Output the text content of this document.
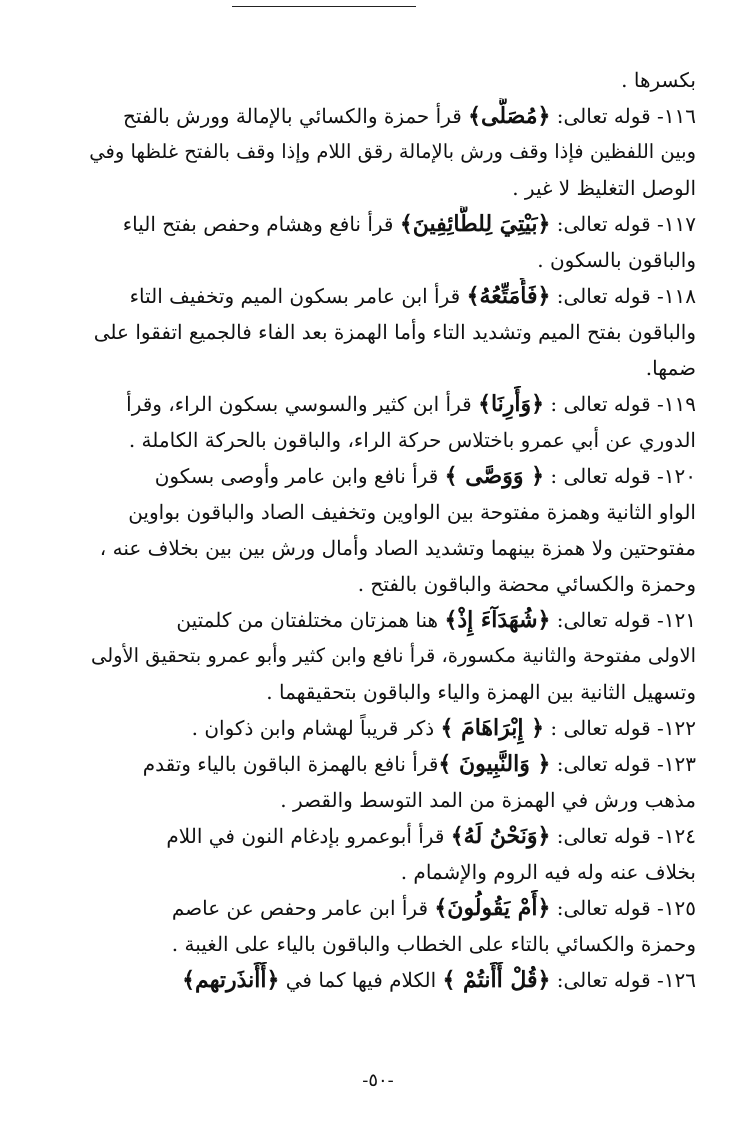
بكسرها .
١١٦- قوله تعالى: ﴿مُصَلًّى﴾ قرأ حمزة والكسائي بالإمالة وورش بالفتح
وبين اللفظين فإذا وقف ورش بالإمالة رقق اللام وإذا وقف بالفتح غلظها وفي
الوصل التغليظ لا غير .
١١٧- قوله تعالى: ﴿بَيْتِيَ لِلطَّائِفِينَ﴾ قرأ نافع وهشام وحفص بفتح الياء
والباقون بالسكون .
١١٨- قوله تعالى: ﴿فَأُمَتِّعُهُ﴾ قرأ ابن عامر بسكون الميم وتخفيف التاء
والباقون بفتح الميم وتشديد التاء وأما الهمزة بعد الفاء فالجميع اتفقوا على
ضمها.
١١٩- قوله تعالى : ﴿وَأَرِنَا﴾ قرأ ابن كثير والسوسي بسكون الراء، وقرأ
الدوري عن أبي عمرو باختلاس حركة الراء، والباقون بالحركة الكاملة .
١٢٠- قوله تعالى : ﴿ وَوَصَّى ﴾ قرأ نافع وابن عامر وأوصى بسكون
الواو الثانية وهمزة مفتوحة بين الواوين وتخفيف الصاد والباقون بواوين
مفتوحتين ولا همزة بينهما وتشديد الصاد وأمال ورش بين بين بخلاف عنه ،
وحمزة والكسائي محضة والباقون بالفتح .
١٢١- قوله تعالى: ﴿شُهَدَآءَ إِذْ﴾ هنا همزتان مختلفتان من كلمتين
الاولى مفتوحة والثانية مكسورة، قرأ نافع وابن كثير وأبو عمرو بتحقيق الأولى
وتسهيل الثانية بين الهمزة والياء والباقون بتحقيقهما .
١٢٢- قوله تعالى : ﴿ إِبْرَاهَامَ ﴾ ذكر قريباً لهشام وابن ذكوان .
١٢٣- قوله تعالى: ﴿ وَالنَّبِيونَ ﴾قرأ نافع بالهمزة الباقون بالياء وتقدم
مذهب ورش في الهمزة من المد التوسط والقصر .
١٢٤- قوله تعالى: ﴿وَنَحْنُ لَهُ﴾ قرأ أبوعمرو بإدغام النون في اللام
بخلاف عنه وله فيه الروم والإشمام .
١٢٥- قوله تعالى: ﴿أَمْ يَقُولُونَ﴾ قرأ ابن عامر وحفص عن عاصم
وحمزة والكسائي بالتاء على الخطاب والباقون بالياء على الغيبة .
١٢٦- قوله تعالى: ﴿قُلْ أَأَنتُمْ ﴾ الكلام فيها كما في ﴿أَأَنذَرتهم﴾
-٥٠-
